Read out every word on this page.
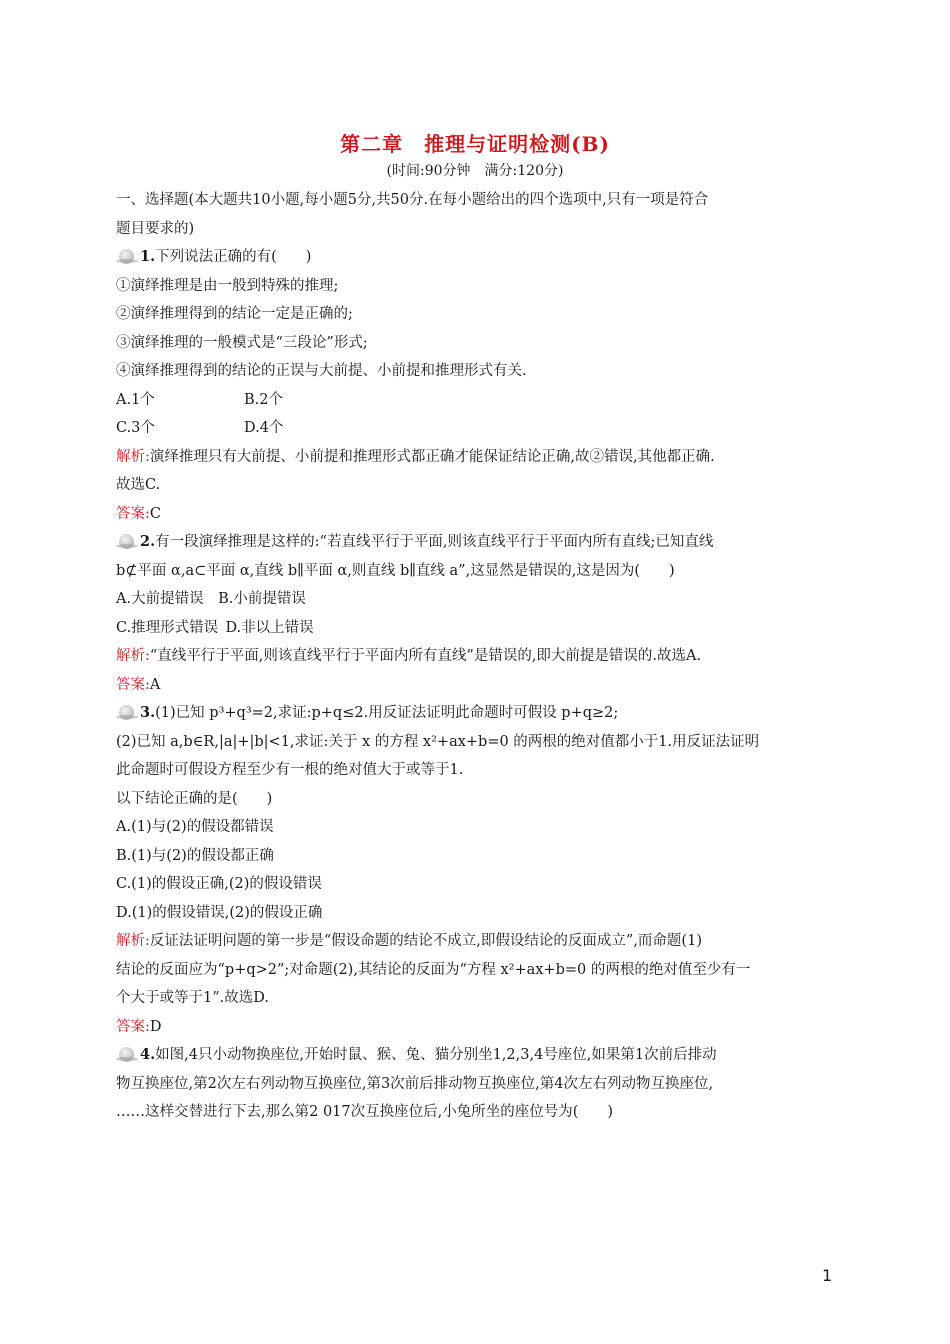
第二章　推理与证明检测(B)
(时间:90分钟　满分:120分)
一、选择题(本大题共10小题,每小题5分,共50分.在每小题给出的四个选项中,只有一项是符合
题目要求的)
1.下列说法正确的有(　　)
①演绎推理是由一般到特殊的推理;
②演绎推理得到的结论一定是正确的;
③演绎推理的一般模式是“三段论”形式;
④演绎推理得到的结论的正误与大前提、小前提和推理形式有关.
A.1个	B.2个
C.3个	D.4个
解析:演绎推理只有大前提、小前提和推理形式都正确才能保证结论正确,故②错误,其他都正确.
故选C.
答案:C
2.有一段演绎推理是这样的:“若直线平行于平面,则该直线平行于平面内所有直线;已知直线
b⊄平面 α,a⊂平面 α,直线 b∥平面 α,则直线 b∥直线 a”,这显然是错误的,这是因为(　　)
A.大前提错误   B.小前提错误
C.推理形式错误  D.非以上错误
解析:“直线平行于平面,则该直线平行于平面内所有直线”是错误的,即大前提是错误的.故选A.
答案:A
3.(1)已知 p³+q³=2,求证:p+q≤2.用反证法证明此命题时可假设 p+q≥2;
(2)已知 a,b∈R,|a|+|b|<1,求证:关于 x 的方程 x²+ax+b=0 的两根的绝对值都小于1.用反证法证明
此命题时可假设方程至少有一根的绝对值大于或等于1.
以下结论正确的是(　　)
A.(1)与(2)的假设都错误
B.(1)与(2)的假设都正确
C.(1)的假设正确,(2)的假设错误
D.(1)的假设错误,(2)的假设正确
解析:反证法证明问题的第一步是“假设命题的结论不成立,即假设结论的反面成立”,而命题(1)
结论的反面应为“p+q>2”;对命题(2),其结论的反面为“方程 x²+ax+b=0 的两根的绝对值至少有一
个大于或等于1”.故选D.
答案:D
4.如图,4只小动物换座位,开始时鼠、猴、兔、猫分别坐1,2,3,4号座位,如果第1次前后排动
物互换座位,第2次左右列动物互换座位,第3次前后排动物互换座位,第4次左右列动物互换座位,
……这样交替进行下去,那么第2 017次互换座位后,小兔所坐的座位号为(　　)
1
